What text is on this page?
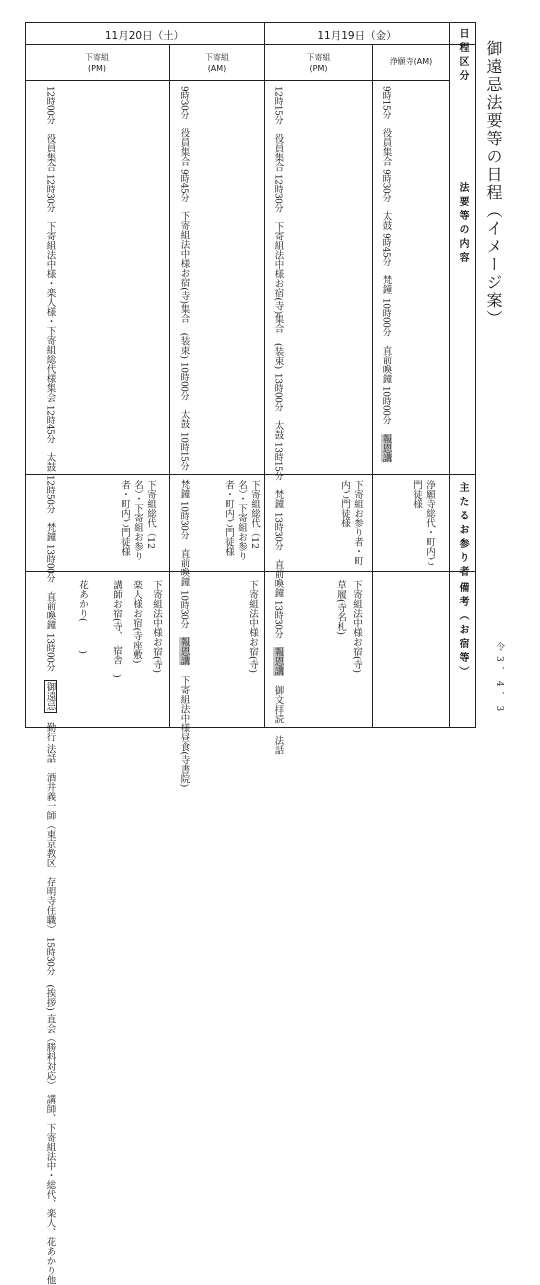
御遠忌法要等の日程（イメージ案）
令3、4、3
11月20日（土）	11月19日（金）
下寄組
(PM)
下寄組
(AM)
下寄組
(PM)
浄願寺(AM)	日程区分
法要等の内容
主たるお参り者
備考（お宿等）
9時15分　役員集合 9時30分　太鼓 9時45分　梵鐘 10時00分　直前喚鐘 10時00分　報恩講
12時15分　役員集合 12時30分　下寄組法中様お宿(寺)集合　(装束) 13時00分　太鼓 13時15分　梵鐘 13時30分　直前喚鐘 13時30分　報恩講　御文拝読 　法話
9時30分　役員集合 9時45分　下寄組法中様お宿(寺)集合　(装束) 10時00分　太鼓 10時15分　梵鐘 10時30分　直前喚鐘 10時30分　報恩講　下寄組法中様昼食(寺書院)
12時00分　役員集合 12時30分　下寄組法中様・楽人様・下寄組総代様集会 12時45分　太鼓 12時50分　梵鐘 13時00分　直前喚鐘 13時00分　御遠忌　勤行 法話　酒井義一師（東京教区　存明寺住職） 15時30分　(挨拶) 直会（勝料対応）　講師、下寄組法中・総代、楽人、花あかり他
浄願寺総代・町内ご門徒様
下寄組お参り者・町内ご門徒様
下寄組総代（12名）・下寄組お参り者・町内ご門徒様
下寄組総代（12名）・下寄組お参り者・町内ご門徒様
下寄組法中様お宿(寺)
草履(寺名札)
下寄組法中様お宿(寺)
下寄組法中様お宿(寺)
楽人様お宿(寺座敷)
講師お宿(寺、　宿舎　)
花あかり(　　　)
